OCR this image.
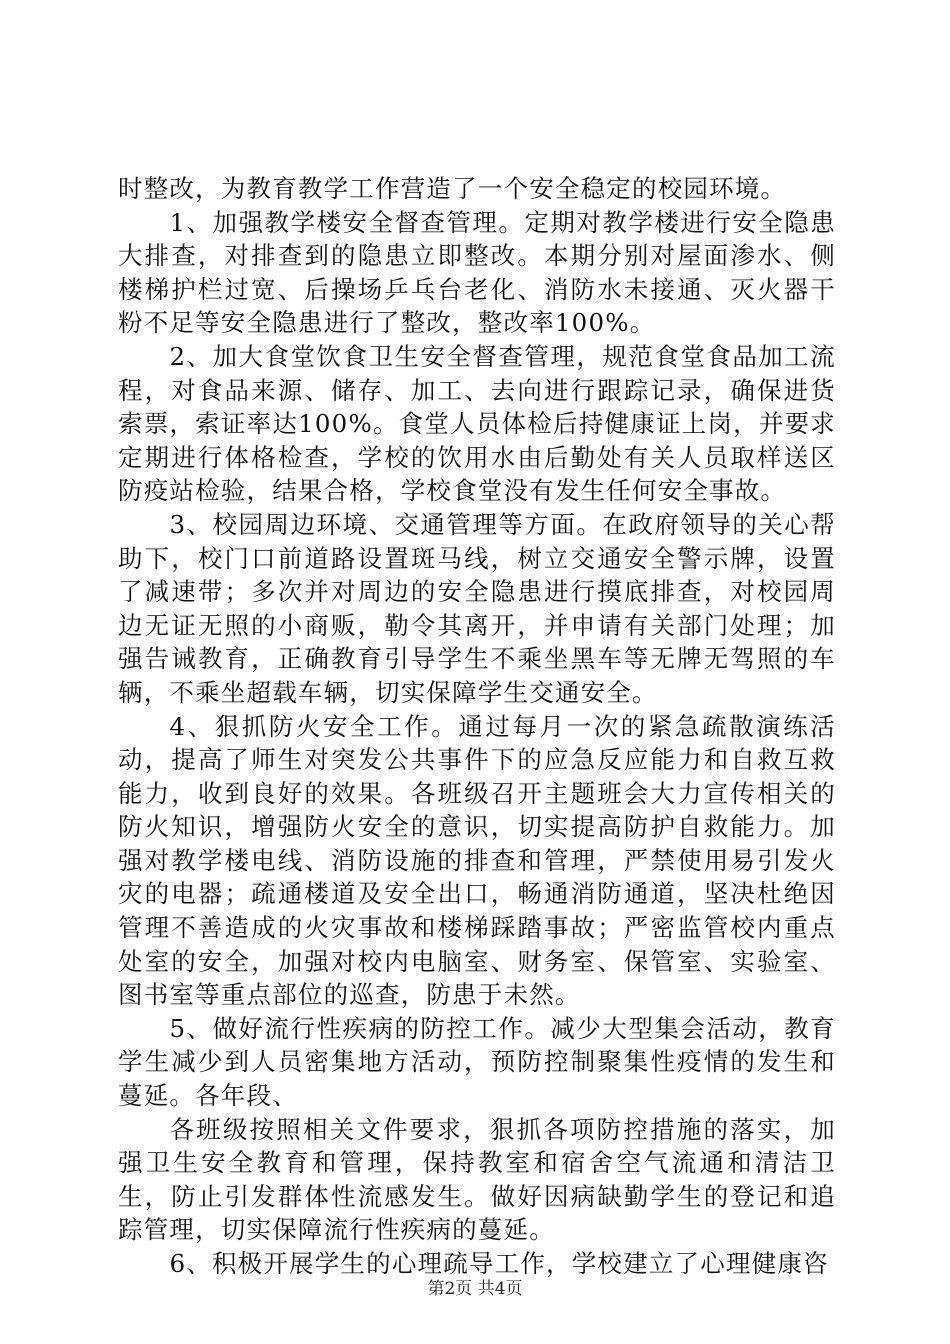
时整改，为教育教学工作营造了一个安全稳定的校园环境。

1、加强教学楼安全督查管理。定期对教学楼进行安全隐患大排查，对排查到的隐患立即整改。本期分别对屋面渗水、侧楼梯护栏过宽、后操场乒乓台老化、消防水未接通、灭火器干粉不足等安全隐患进行了整改，整改率100%。

2、加大食堂饮食卫生安全督查管理，规范食堂食品加工流程，对食品来源、储存、加工、去向进行跟踪记录，确保进货索票，索证率达100%。食堂人员体检后持健康证上岗，并要求定期进行体格检查，学校的饮用水由后勤处有关人员取样送区防疫站检验，结果合格，学校食堂没有发生任何安全事故。

3、校园周边环境、交通管理等方面。在政府领导的关心帮助下，校门口前道路设置斑马线，树立交通安全警示牌，设置了减速带；多次并对周边的安全隐患进行摸底排查，对校园周边无证无照的小商贩，勒令其离开，并申请有关部门处理；加强告诫教育，正确教育引导学生不乘坐黑车等无牌无驾照的车辆，不乘坐超载车辆，切实保障学生交通安全。

4、狠抓防火安全工作。通过每月一次的紧急疏散演练活动，提高了师生对突发公共事件下的应急反应能力和自救互救能力，收到良好的效果。各班级召开主题班会大力宣传相关的防火知识，增强防火安全的意识，切实提高防护自救能力。加强对教学楼电线、消防设施的排查和管理，严禁使用易引发火灾的电器；疏通楼道及安全出口，畅通消防通道，坚决杜绝因管理不善造成的火灾事故和楼梯踩踏事故；严密监管校内重点处室的安全，加强对校内电脑室、财务室、保管室、实验室、图书室等重点部位的巡查，防患于未然。

5、做好流行性疾病的防控工作。减少大型集会活动，教育学生减少到人员密集地方活动，预防控制聚集性疫情的发生和蔓延。各年段、

各班级按照相关文件要求，狠抓各项防控措施的落实，加强卫生安全教育和管理，保持教室和宿舍空气流通和清洁卫生，防止引发群体性流感发生。做好因病缺勤学生的登记和追踪管理，切实保障流行性疾病的蔓延。

6、积极开展学生的心理疏导工作，学校建立了心理健康咨

第2页 共4页
